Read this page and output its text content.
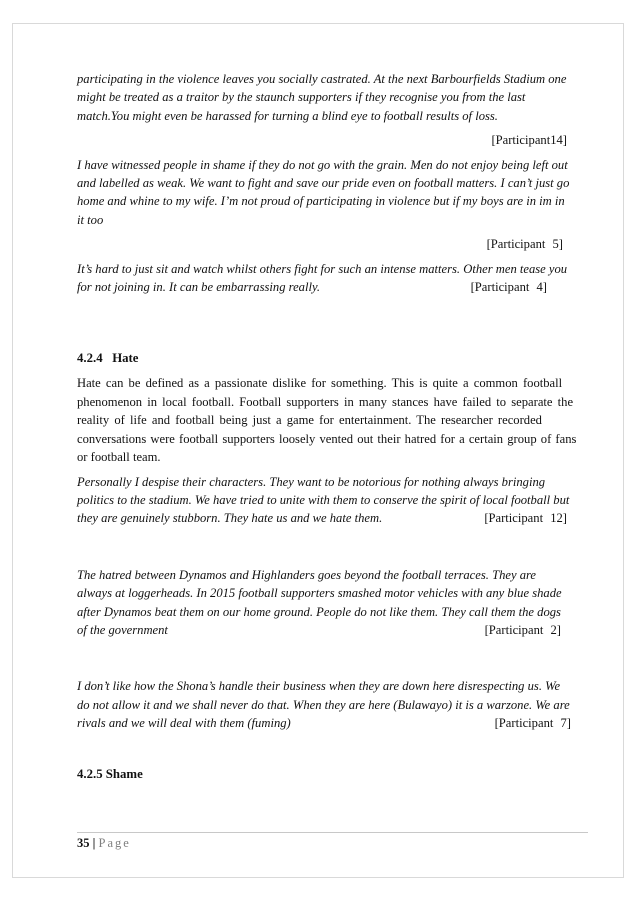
participating in the violence leaves you socially castrated. At the next Barbourfields Stadium one

might be treated as a traitor by the staunch supporters if they recognise you from the last

match.You might even be harassed for turning a blind eye to football results of loss.

[Participant14]

I have witnessed people in shame if they do not go with the grain. Men do not enjoy being left out

and labelled as weak. We want to fight and save our pride even on football matters. I can’t just go

home and whine to my wife. I’m not proud of participating in violence but if my boys are in im in

it too

[Participant 5]

It’s hard to just sit and watch whilst others fight for such an intense matters. Other men tease you

for not joining in. It can be embarrassing really.	[Participant 4]

4.2.4   Hate

Hate can be defined as a passionate dislike for something. This is quite a common football

phenomenon in local football. Football supporters in many stances have failed to separate the

reality of life and football being just a game for entertainment. The researcher recorded

conversations were football supporters loosely vented out their hatred for a certain group of fans

or football team.

Personally I despise their characters. They want to be notorious for nothing always bringing

politics to the stadium. We have tried to unite with them to conserve the spirit of local football but

they are genuinely stubborn. They hate us and we hate them.	[Participant 12]

The hatred between Dynamos and Highlanders goes beyond the football terraces. They are

always at loggerheads. In 2015 football supporters smashed motor vehicles with any blue shade

after Dynamos beat them on our home ground. People do not like them. They call them the dogs

of the government	[Participant 2]

I don’t like how the Shona’s handle their business when they are down here disrespecting us. We

do not allow it and we shall never do that. When they are here (Bulawayo) it is a warzone. We are

rivals and we will deal with them (fuming)	[Participant 7]

4.2.5 Shame

35 | Page
